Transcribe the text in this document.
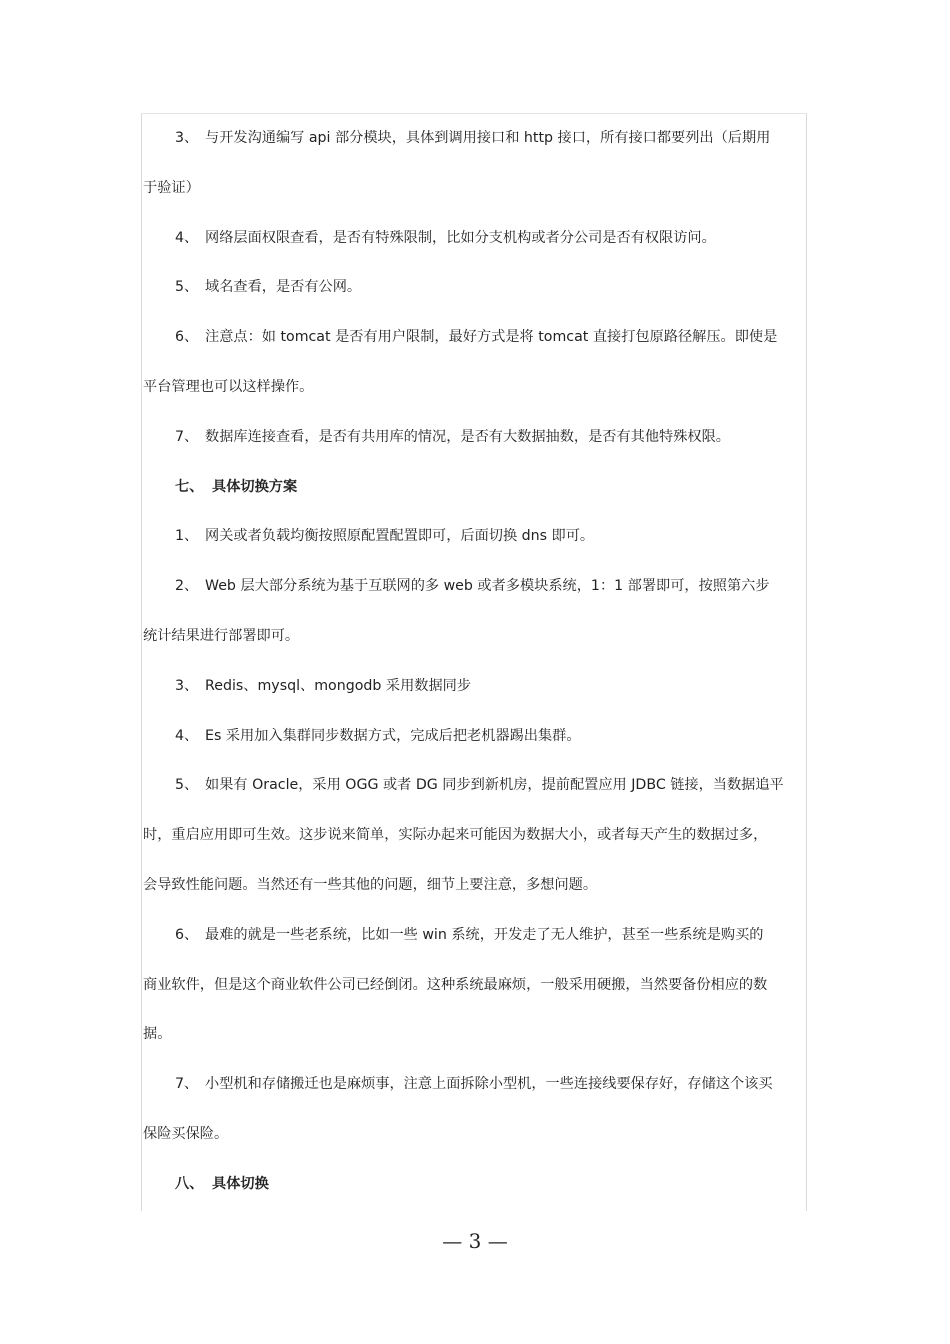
3、 与开发沟通编写 api 部分模块，具体到调用接口和 http 接口，所有接口都要列出（后期用

于验证）

4、 网络层面权限查看，是否有特殊限制，比如分支机构或者分公司是否有权限访问。

5、 域名查看，是否有公网。

6、 注意点：如 tomcat 是否有用户限制，最好方式是将 tomcat 直接打包原路径解压。即使是

平台管理也可以这样操作。

7、 数据库连接查看，是否有共用库的情况，是否有大数据抽数，是否有其他特殊权限。

七、 具体切换方案

1、 网关或者负载均衡按照原配置配置即可，后面切换 dns 即可。

2、 Web 层大部分系统为基于互联网的多 web 或者多模块系统，1：1 部署即可，按照第六步

统计结果进行部署即可。

3、 Redis、mysql、mongodb 采用数据同步

4、 Es 采用加入集群同步数据方式，完成后把老机器踢出集群。

5、 如果有 Oracle，采用 OGG 或者 DG 同步到新机房，提前配置应用 JDBC 链接，当数据追平

时，重启应用即可生效。这步说来简单，实际办起来可能因为数据大小，或者每天产生的数据过多，

会导致性能问题。当然还有一些其他的问题，细节上要注意，多想问题。

6、 最难的就是一些老系统，比如一些 win 系统，开发走了无人维护，甚至一些系统是购买的

商业软件，但是这个商业软件公司已经倒闭。这种系统最麻烦，一般采用硬搬，当然要备份相应的数

据。

7、 小型机和存储搬迁也是麻烦事，注意上面拆除小型机，一些连接线要保存好，存储这个该买

保险买保险。

八、 具体切换

— 3 —
